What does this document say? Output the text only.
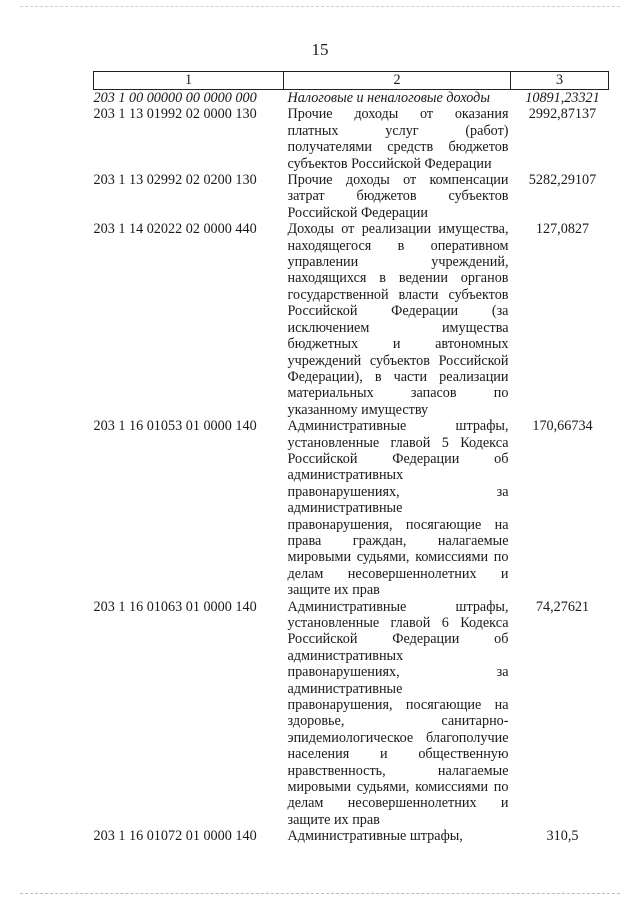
15
1	2	3
203 1 00 00000 00 0000 000	Налоговые и неналоговые доходы	10891,23321
203 1 13 01992 02 0000 130	Прочие доходы от оказания платных услуг (работ) получателями средств бюджетов субъектов Российской Федерации	2992,87137
203 1 13 02992 02 0200 130	Прочие доходы от компенсации затрат бюджетов субъектов Российской Федерации	5282,29107
203 1 14 02022 02 0000 440	Доходы от реализации имущества, находящегося в оперативном управлении учреждений, находящихся в ведении органов государственной власти субъектов Российской Федерации (за исключением имущества бюджетных и автономных учреждений субъектов Российской Федерации), в части реализации материальных запасов по указанному имуществу	127,0827
203 1 16 01053 01 0000 140	Административные штрафы, установленные главой 5 Кодекса Российской Федерации об административных правонарушениях, за административные правонарушения, посягающие на права граждан, налагаемые мировыми судьями, комиссиями по делам несовершеннолетних и защите их прав	170,66734
203 1 16 01063 01 0000 140	Административные штрафы, установленные главой 6 Кодекса Российской Федерации об административных правонарушениях, за административные правонарушения, посягающие на здоровье, санитарно-эпидемиологическое благополучие населения и общественную нравственность, налагаемые мировыми судьями, комиссиями по делам несовершеннолетних и защите их прав	74,27621
203 1 16 01072 01 0000 140	Административные штрафы,	310,5
